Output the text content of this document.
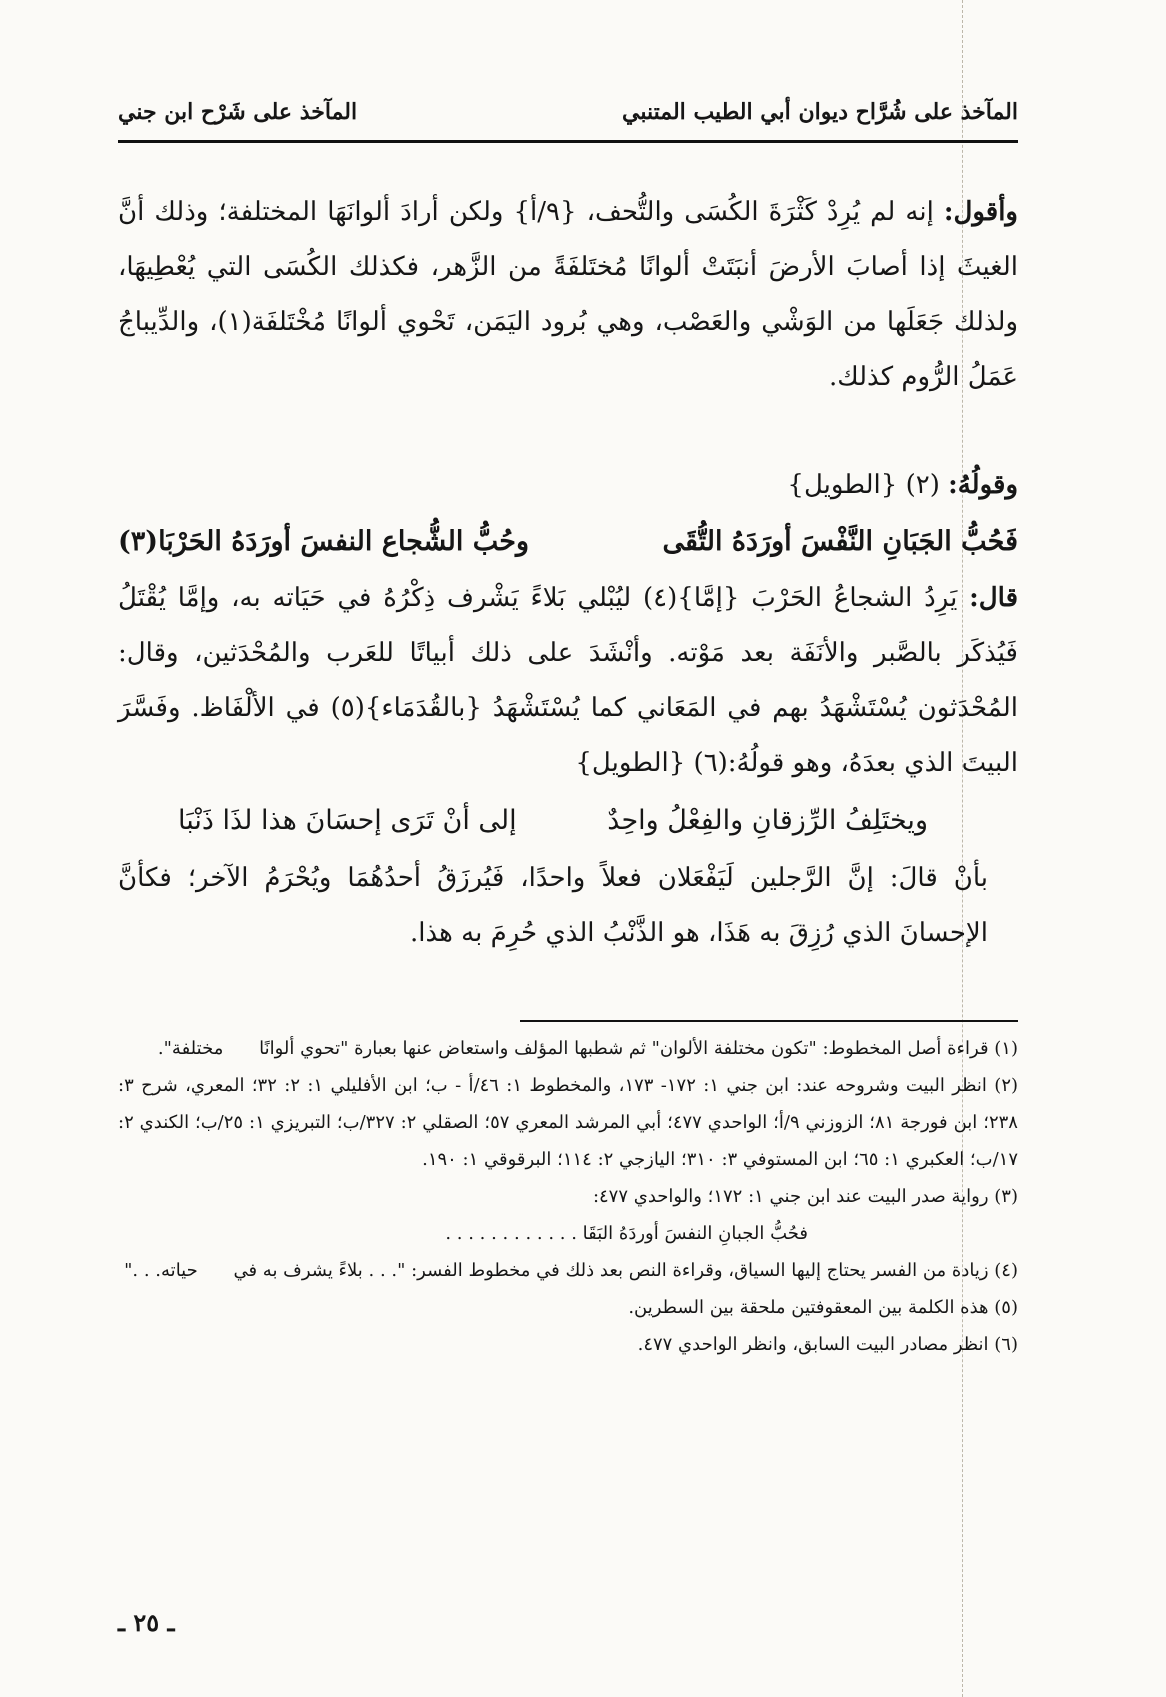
المآخذ على شُرَّاح ديوان أبي الطيب المتنبي
المآخذ على شَرْح ابن جني

وأقول: إنه لم يُرِدْ كَثْرَةَ الكُسَى والتُّحف، {٩/أ} ولكن أرادَ ألوانَهَا المختلفة؛ وذلك أنَّ الغيثَ إذا أصابَ الأرضَ أنبَتَتْ ألوانًا مُختَلفَةً من الزَّهر، فكذلك الكُسَى التي يُعْطِيهَا، ولذلك جَعَلَها من الوَشْي والعَصْب، وهي بُرود اليَمَن، تَحْوي ألوانًا مُخْتَلفَة(١)، والدِّيباجُ عَمَلُ الرُّوم كذلك.

وقولُهُ: (٢) {الطويل}

فَحُبُّ الجَبَانِ النَّفْسَ أورَدَهُ التُّقَى
وحُبُّ الشُّجاع النفسَ أورَدَهُ الحَرْبَا(٣)

قال: يَرِدُ الشجاعُ الحَرْبَ {إمَّا}(٤) ليُبْلي بَلاءً يَشْرف ذِكْرُهُ في حَيَاته به، وإمَّا يُقْتَلُ فَيُذكَر بالصَّبر والأنَفَة بعد مَوْته. وأنْشَدَ على ذلك أبياتًا للعَرب والمُحْدَثين، وقال: المُحْدَثون يُسْتَشْهَدُ بهم في المَعَاني كما يُسْتَشْهَدُ {بالقُدَمَاء}(٥) في الألْفَاظ. وفَسَّرَ البيتَ الذي بعدَهُ، وهو قولُهُ:(٦) {الطويل}

ويختَلِفُ الرِّزقانِ والفِعْلُ واحِدٌ
إلى أنْ تَرَى إحسَانَ هذا لذَا ذَنْبَا

بأنْ قالَ: إنَّ الرَّجلين لَيَفْعَلان فعلاً واحدًا، فَيُرزَقُ أحدُهُمَا ويُحْرَمُ الآخر؛ فكأنَّ الإحسانَ الذي رُزِقَ به هَذَا، هو الذَّنْبُ الذي حُرِمَ به هذا.

(١) قراءة أصل المخطوط: "تكون مختلفة الألوان" ثم شطبها المؤلف واستعاض عنها بعبارة "تحوي ألوانًا مختلفة".

(٢) انظر البيت وشروحه عند: ابن جني ١: ١٧٢- ١٧٣، والمخطوط ١: ٤٦/أ - ب؛ ابن الأفليلي ١: ٢: ٣٢؛ المعري، شرح ٣: ٢٣٨؛ ابن فورجة ٨١؛ الزوزني ٩/أ؛ الواحدي ٤٧٧؛ أبي المرشد المعري ٥٧؛ الصقلي ٢: ٣٢٧/ب؛ التبريزي ١: ٢٥/ب؛ الكندي ٢: ١٧/ب؛ العكبري ١: ٦٥؛ ابن المستوفي ٣: ٣١٠؛ اليازجي ٢: ١١٤؛ البرقوقي ١: ١٩٠.

(٣) رواية صدر البيت عند ابن جني ١: ١٧٢؛ والواحدي ٤٧٧:

فحُبُّ الجبانِ النفسَ أوردَهُ البَقَا . . . . . . . . . . . .

(٤) زيادة من الفسر يحتاج إليها السياق، وقراءة النص بعد ذلك في مخطوط الفسر: ". . . بلاءً يشرف به في حياته. . ."

(٥) هذه الكلمة بين المعقوفتين ملحقة بين السطرين.

(٦) انظر مصادر البيت السابق، وانظر الواحدي ٤٧٧.

ـ ٢٥ ـ
